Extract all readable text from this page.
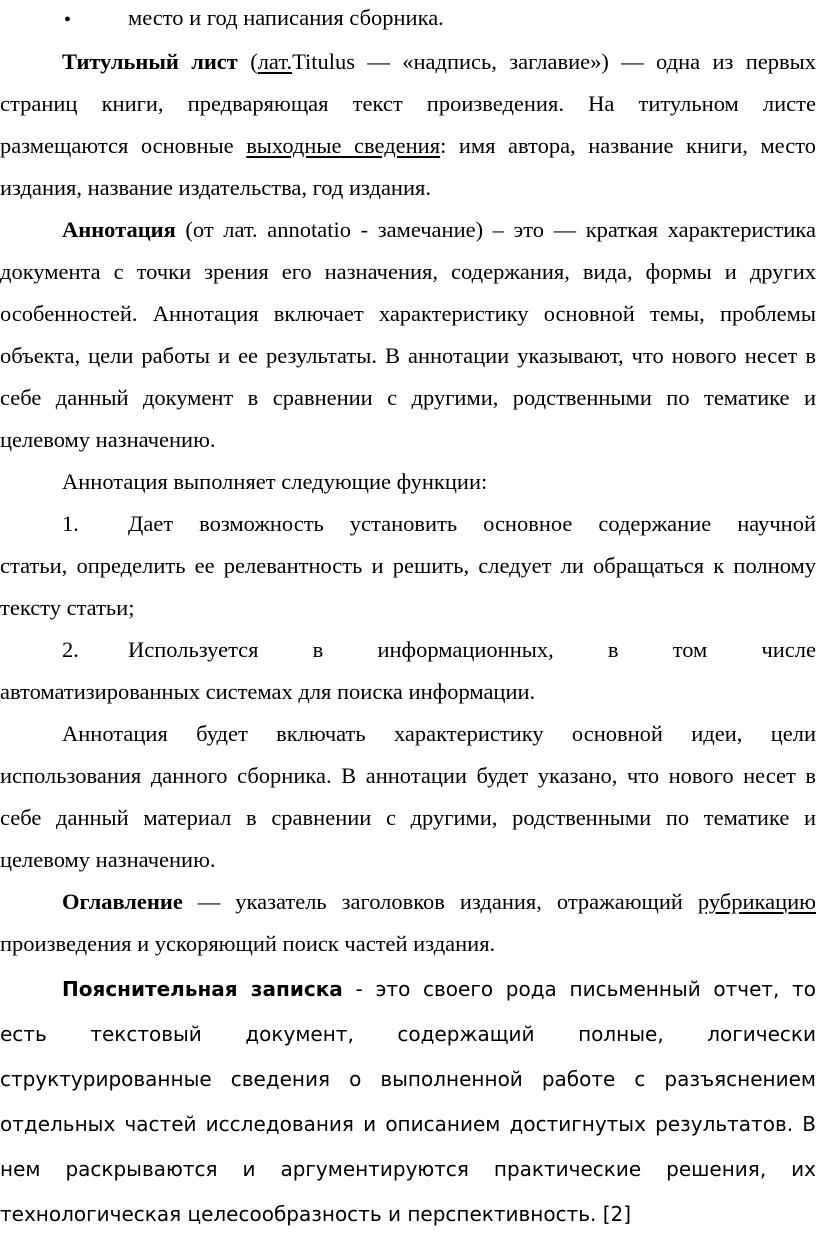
•	место и год написания сборника.

Титульный лист (лат.Titulus — «надпись, заглавие») — одна из первых страниц книги, предваряющая текст произведения. На титульном листе размещаются основные выходные сведения: имя автора, название книги, место издания, название издательства, год издания.

Аннотация (от лат. annotatio - замечание) – это — краткая характеристика документа с точки зрения его назначения, содержания, вида, формы и других особенностей. Аннотация включает характеристику основной темы, проблемы объекта, цели работы и ее результаты. В аннотации указывают, что нового несет в себе данный документ в сравнении с другими, родственными по тематике и целевому назначению.

Аннотация выполняет следующие функции:

1. Дает возможность установить основное содержание научной

статьи, определить ее релевантность и решить, следует ли обращаться к полному тексту статьи;

2. Используется в информационных, в том числе

автоматизированных системах для поиска информации.

Аннотация будет включать характеристику основной идеи, цели использования данного сборника. В аннотации будет указано, что нового несет в себе данный материал в сравнении с другими, родственными по тематике и целевому назначению.

Оглавление — указатель заголовков издания, отражающий рубрикацию произведения и ускоряющий поиск частей издания.

Пояснительная записка - это своего рода письменный отчет, то есть текстовый документ, содержащий полные, логически структурированные сведения о выполненной работе с разъяснением отдельных частей исследования и описанием достигнутых результатов. В нем раскрываются и аргументируются практические решения, их технологическая целесообразность и перспективность. [2]
